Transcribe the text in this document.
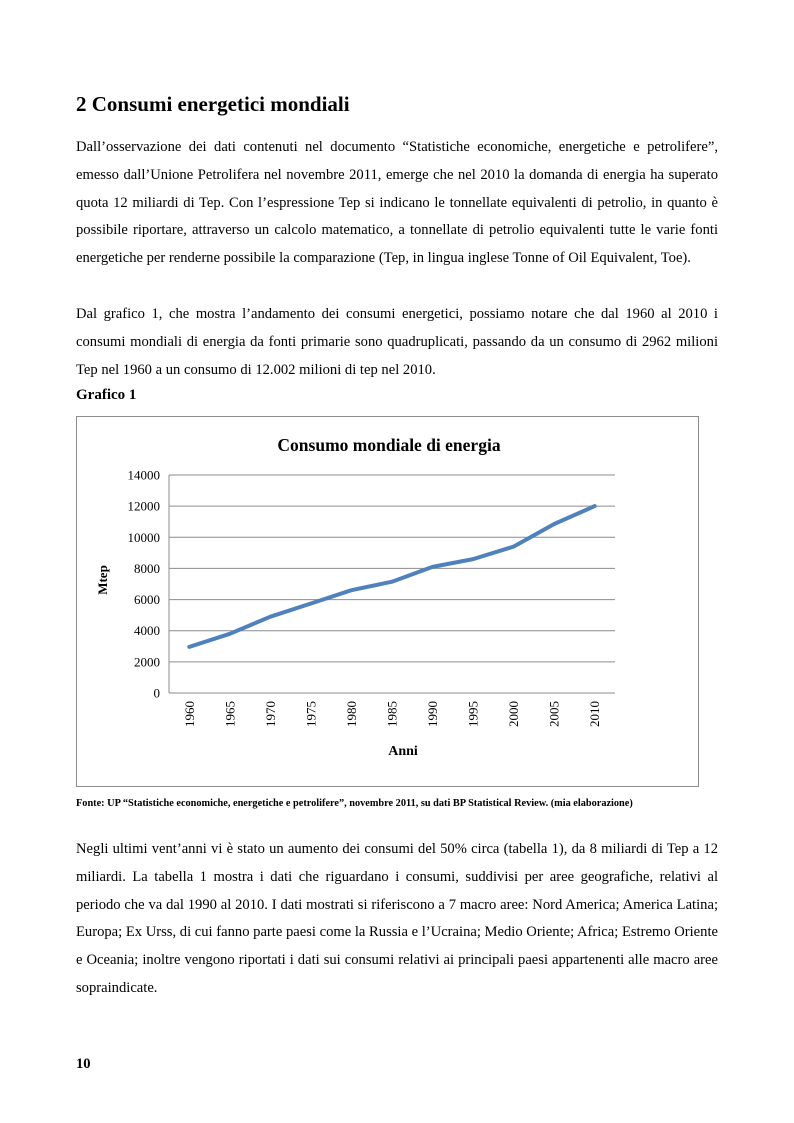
2 Consumi energetici mondiali

Dall’osservazione dei dati contenuti nel documento “Statistiche economiche, energetiche e petrolifere”, emesso dall’Unione Petrolifera nel novembre 2011, emerge che nel 2010 la domanda di energia ha superato quota 12 miliardi di Tep. Con l’espressione Tep si indicano le tonnellate equivalenti di petrolio, in quanto è possibile riportare, attraverso un calcolo matematico, a tonnellate di petrolio equivalenti tutte le varie fonti energetiche per renderne possibile la comparazione (Tep, in lingua inglese Tonne of Oil Equivalent, Toe).

Dal grafico 1, che mostra l’andamento dei consumi energetici, possiamo notare che dal 1960 al 2010 i consumi mondiali di energia da fonti primarie sono quadruplicati, passando da un consumo di 2962 milioni Tep nel 1960 a un consumo di 12.002 milioni di tep nel 2010.

Grafico 1

Consumo mondiale di energia
0
2000
4000
6000
8000
10000
12000
14000
1960 1965 1970 1975 1980 1985 1990 1995 2000 2005 2010
Mtep
Anni

Fonte: UP “Statistiche economiche, energetiche e petrolifere”, novembre 2011, su dati BP Statistical Review. (mia elaborazione)

Negli ultimi vent’anni vi è stato un aumento dei consumi del 50% circa (tabella 1), da 8 miliardi di Tep a 12 miliardi. La tabella 1 mostra i dati che riguardano i consumi, suddivisi per aree geografiche, relativi al periodo che va dal 1990 al 2010. I dati mostrati si riferiscono a 7 macro aree: Nord America; America Latina; Europa; Ex Urss, di cui fanno parte paesi come la Russia e l’Ucraina; Medio Oriente; Africa; Estremo Oriente e Oceania; inoltre vengono riportati i dati sui consumi relativi ai principali paesi appartenenti alle macro aree sopraindicate.

10
